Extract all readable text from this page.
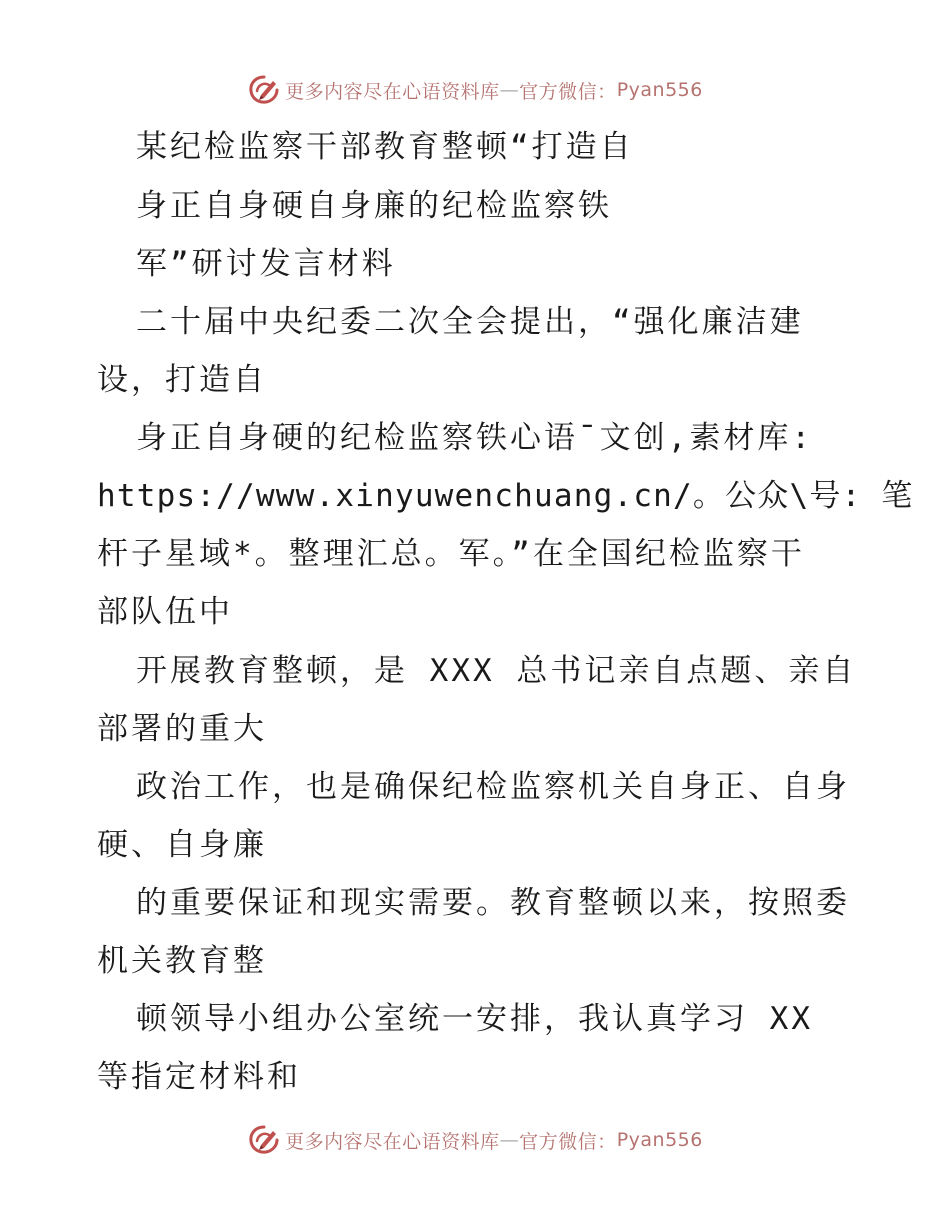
更多内容尽在心语资料库 — 官方微信： Pyan556
某纪检监察干部教育整顿“打造自
身正自身硬自身廉的纪检监察铁
军”研讨发言材料
二十届中央纪委二次全会提出，“强化廉洁建
设，打造自
身正自身硬的纪检监察铁心语¯文创,素材库:
https://www.xinyuwenchuang.cn/。公众\号: 笔
杆子星域*。整理汇总。军。”在全国纪检监察干
部队伍中
开展教育整顿，是 XXX 总书记亲自点题、亲自
部署的重大
政治工作，也是确保纪检监察机关自身正、自身
硬、自身廉
的重要保证和现实需要。教育整顿以来，按照委
机关教育整
顿领导小组办公室统一安排，我认真学习 XX
等指定材料和
更多内容尽在心语资料库 — 官方微信： Pyan556
